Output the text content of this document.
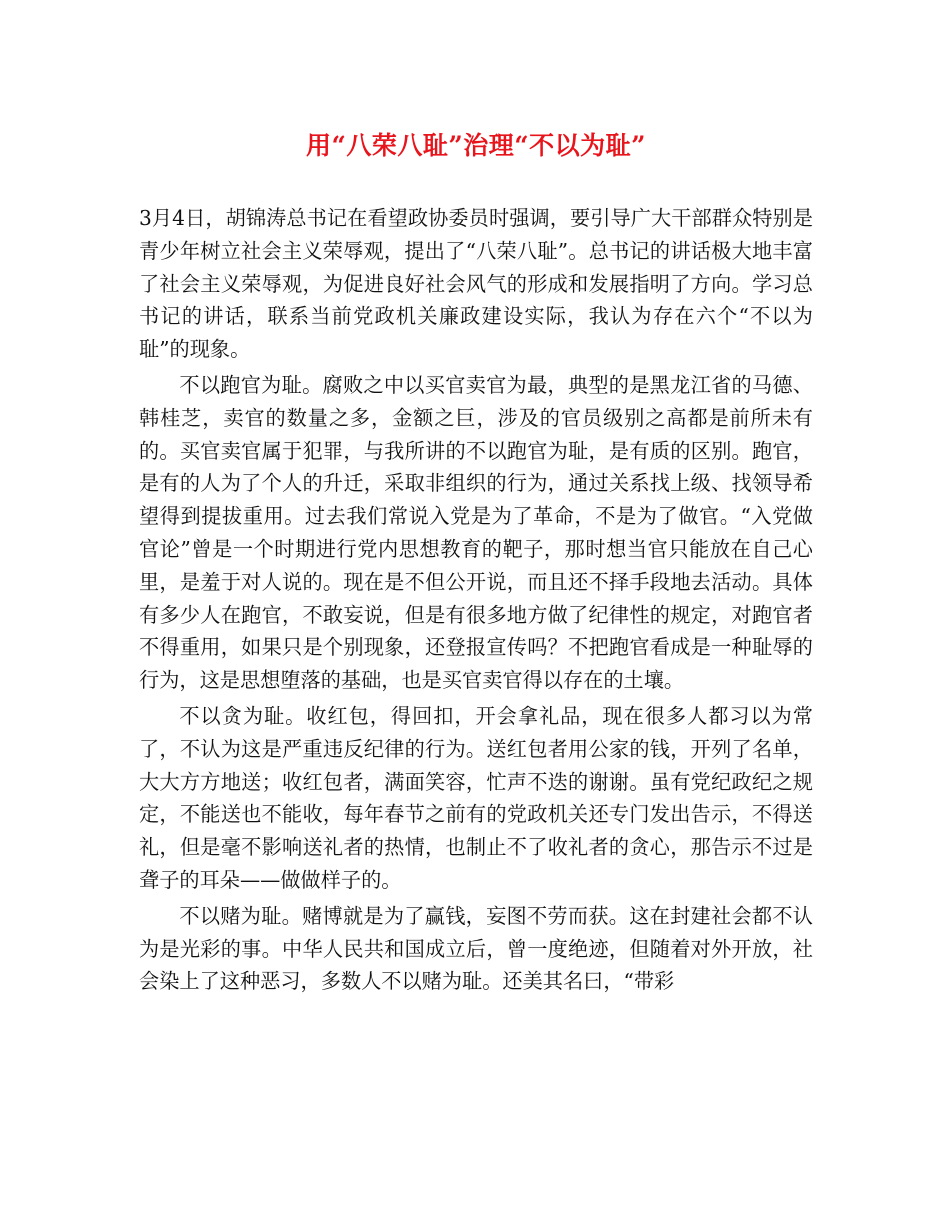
用“八荣八耻”治理“不以为耻”

3月4日，胡锦涛总书记在看望政协委员时强调，要引导广大干部群众特别是青少年树立社会主义荣辱观，提出了“八荣八耻”。总书记的讲话极大地丰富了社会主义荣辱观，为促进良好社会风气的形成和发展指明了方向。学习总书记的讲话，联系当前党政机关廉政建设实际，我认为存在六个“不以为耻”的现象。

不以跑官为耻。腐败之中以买官卖官为最，典型的是黑龙江省的马德、韩桂芝，卖官的数量之多，金额之巨，涉及的官员级别之高都是前所未有的。买官卖官属于犯罪，与我所讲的不以跑官为耻，是有质的区别。跑官，是有的人为了个人的升迁，采取非组织的行为，通过关系找上级、找领导希望得到提拔重用。过去我们常说入党是为了革命，不是为了做官。“入党做官论”曾是一个时期进行党内思想教育的靶子，那时想当官只能放在自己心里，是羞于对人说的。现在是不但公开说，而且还不择手段地去活动。具体有多少人在跑官，不敢妄说，但是有很多地方做了纪律性的规定，对跑官者不得重用，如果只是个别现象，还登报宣传吗？不把跑官看成是一种耻辱的行为，这是思想堕落的基础，也是买官卖官得以存在的土壤。

不以贪为耻。收红包，得回扣，开会拿礼品，现在很多人都习以为常了，不认为这是严重违反纪律的行为。送红包者用公家的钱，开列了名单，大大方方地送；收红包者，满面笑容，忙声不迭的谢谢。虽有党纪政纪之规定，不能送也不能收，每年春节之前有的党政机关还专门发出告示，不得送礼，但是毫不影响送礼者的热情，也制止不了收礼者的贪心，那告示不过是聋子的耳朵——做做样子的。

不以赌为耻。赌博就是为了赢钱，妄图不劳而获。这在封建社会都不认为是光彩的事。中华人民共和国成立后，曾一度绝迹，但随着对外开放，社会染上了这种恶习，多数人不以赌为耻。还美其名曰，“带彩
